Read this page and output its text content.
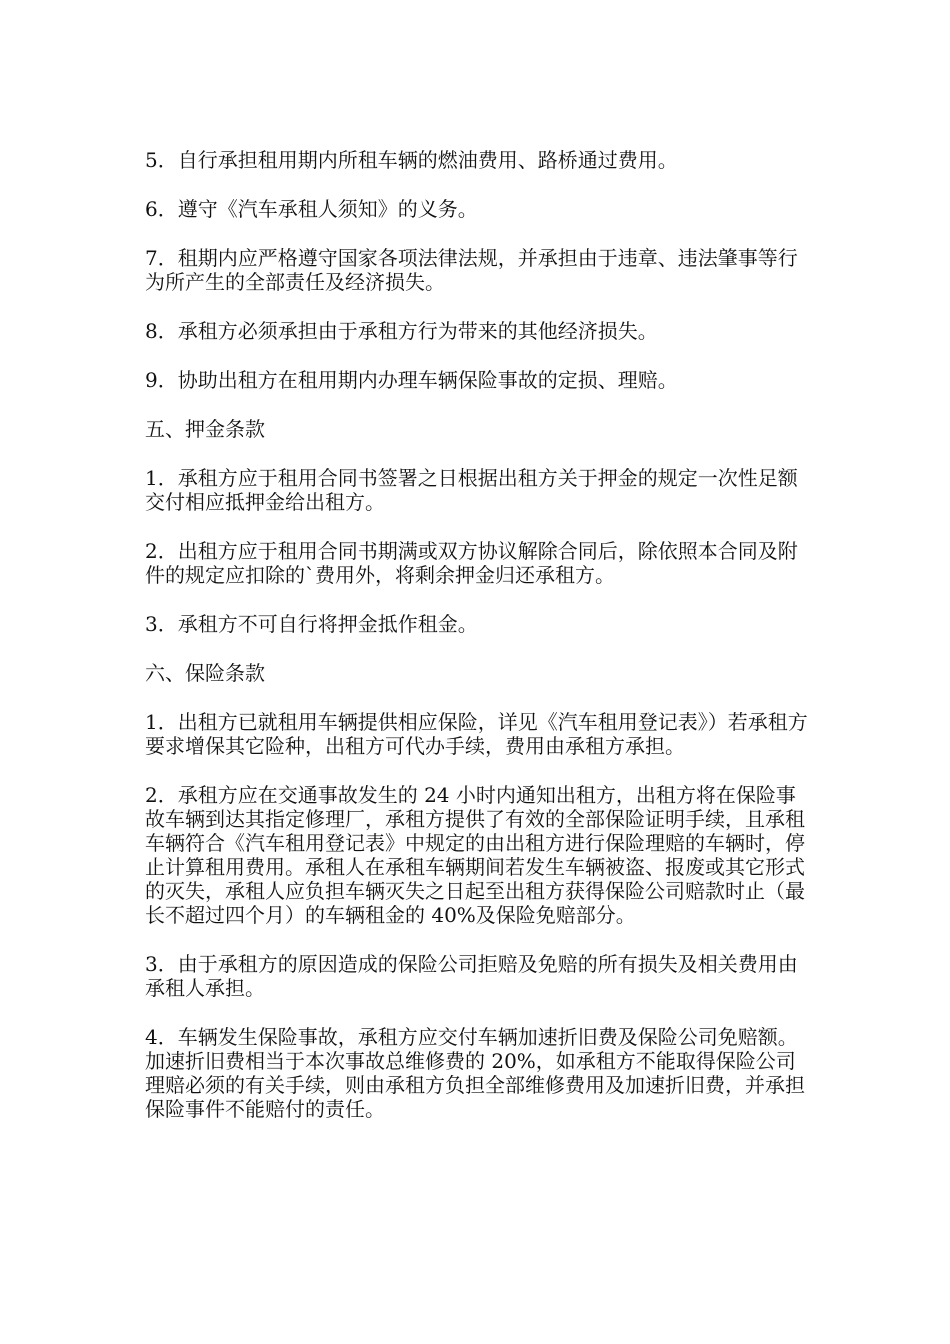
5．自行承担租用期内所租车辆的燃油费用、路桥通过费用。

6．遵守《汽车承租人须知》的义务。

7．租期内应严格遵守国家各项法律法规，并承担由于违章、违法肇事等行为所产生的全部责任及经济损失。

8．承租方必须承担由于承租方行为带来的其他经济损失。

9．协助出租方在租用期内办理车辆保险事故的定损、理赔。

五、押金条款

1．承租方应于租用合同书签署之日根据出租方关于押金的规定一次性足额交付相应抵押金给出租方。

2．出租方应于租用合同书期满或双方协议解除合同后，除依照本合同及附件的规定应扣除的`费用外，将剩余押金归还承租方。

3．承租方不可自行将押金抵作租金。

六、保险条款

1．出租方已就租用车辆提供相应保险，详见《汽车租用登记表》）若承租方要求增保其它险种，出租方可代办手续，费用由承租方承担。

2．承租方应在交通事故发生的 24 小时内通知出租方，出租方将在保险事故车辆到达其指定修理厂，承租方提供了有效的全部保险证明手续，且承租车辆符合《汽车租用登记表》中规定的由出租方进行保险理赔的车辆时，停止计算租用费用。承租人在承租车辆期间若发生车辆被盗、报废或其它形式的灭失，承租人应负担车辆灭失之日起至出租方获得保险公司赔款时止（最长不超过四个月）的车辆租金的 40%及保险免赔部分。

3．由于承租方的原因造成的保险公司拒赔及免赔的所有损失及相关费用由承租人承担。

4．车辆发生保险事故，承租方应交付车辆加速折旧费及保险公司免赔额。加速折旧费相当于本次事故总维修费的 20%，如承租方不能取得保险公司理赔必须的有关手续，则由承租方负担全部维修费用及加速折旧费，并承担保险事件不能赔付的责任。
